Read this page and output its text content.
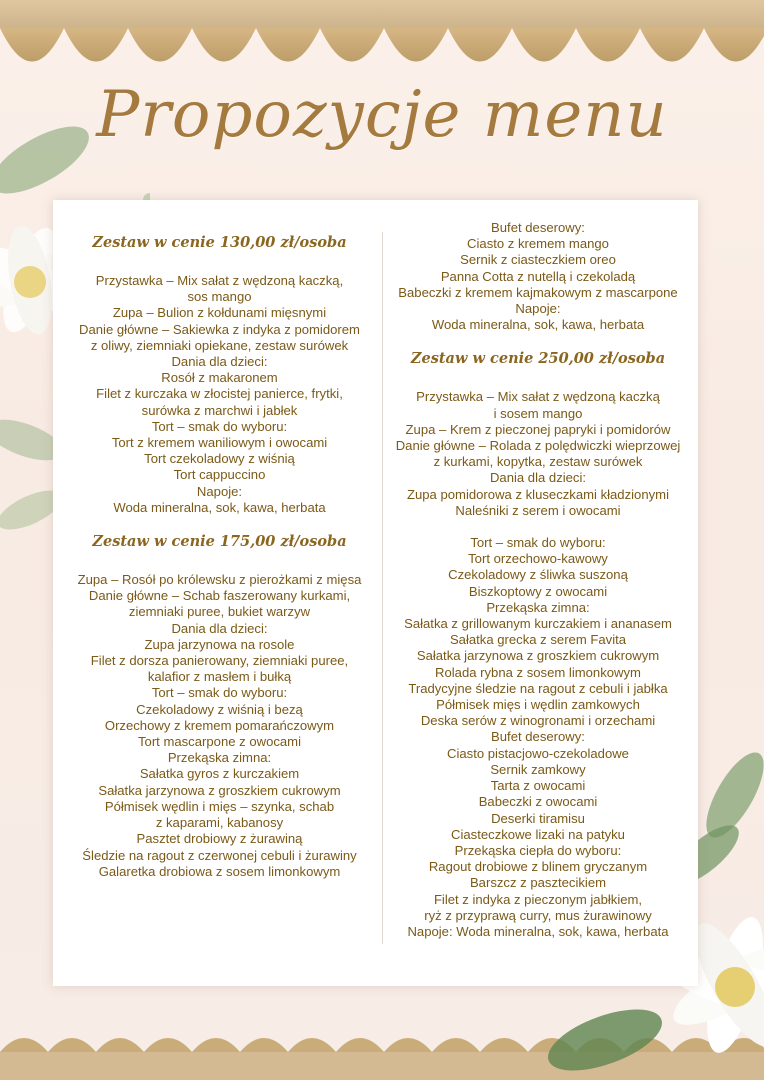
Propozycje menu
Zestaw w cenie 130,00 zł/osoba
Przystawka – Mix sałat z wędzoną kaczką,
sos mango
Zupa – Bulion z kołdunami mięsnymi
Danie główne – Sakiewka z indyka z pomidorem
z oliwy, ziemniaki opiekane, zestaw surówek
Dania dla dzieci:
Rosół z makaronem
Filet z kurczaka w złocistej panierce, frytki,
surówka z marchwi i jabłek
Tort – smak do wyboru:
Tort z kremem waniliowym i owocami
Tort czekoladowy z wiśnią
Tort cappuccino
Napoje:
Woda mineralna, sok, kawa, herbata
Zestaw w cenie 175,00 zł/osoba
Zupa – Rosół po królewsku z pierożkami z mięsa
Danie główne – Schab faszerowany kurkami,
ziemniaki puree, bukiet warzyw
Dania dla dzieci:
Zupa jarzynowa na rosole
Filet z dorsza panierowany, ziemniaki puree,
kalafior z masłem i bułką
Tort – smak do wyboru:
Czekoladowy z wiśnią i bezą
Orzechowy z kremem pomarańczowym
Tort mascarpone z owocami
Przekąska zimna:
Sałatka gyros z kurczakiem
Sałatka jarzynowa z groszkiem cukrowym
Półmisek wędlin i mięs – szynka, schab
z kaparami, kabanosy
Pasztet drobiowy z żurawiną
Śledzie na ragout z czerwonej cebuli i żurawiny
Galaretka drobiowa z sosem limonkowym
Bufet deserowy:
Ciasto z kremem mango
Sernik z ciasteczkiem oreo
Panna Cotta z nutellą i czekoladą
Babeczki z kremem kajmakowym z mascarpone
Napoje:
Woda mineralna, sok, kawa, herbata
Zestaw w cenie 250,00 zł/osoba
Przystawka – Mix sałat z wędzoną kaczką
i sosem mango
Zupa – Krem z pieczonej papryki i pomidorów
Danie główne – Rolada z polędwiczki wieprzowej
z kurkami, kopytka, zestaw surówek
Dania dla dzieci:
Zupa pomidorowa z kluseczkami kładzionymi
Naleśniki z serem i owocami
Tort – smak do wyboru:
Tort orzechowo-kawowy
Czekoladowy z śliwka suszoną
Biszkoptowy z owocami
Przekąska zimna:
Sałatka z grillowanym kurczakiem i ananasem
Sałatka grecka z serem Favita
Sałatka jarzynowa z groszkiem cukrowym
Rolada rybna z sosem limonkowym
Tradycyjne śledzie na ragout z cebuli i jabłka
Półmisek mięs i wędlin zamkowych
Deska serów z winogronami i orzechami
Bufet deserowy:
Ciasto pistacjowo-czekoladowe
Sernik zamkowy
Tarta z owocami
Babeczki z owocami
Deserki tiramisu
Ciasteczkowe lizaki na patyku
Przekąska ciepła do wyboru:
Ragout drobiowe z blinem gryczanym
Barszcz z pasztecikiem
Filet z indyka z pieczonym jabłkiem,
ryż z przyprawą curry, mus żurawinowy
Napoje: Woda mineralna, sok, kawa, herbata
